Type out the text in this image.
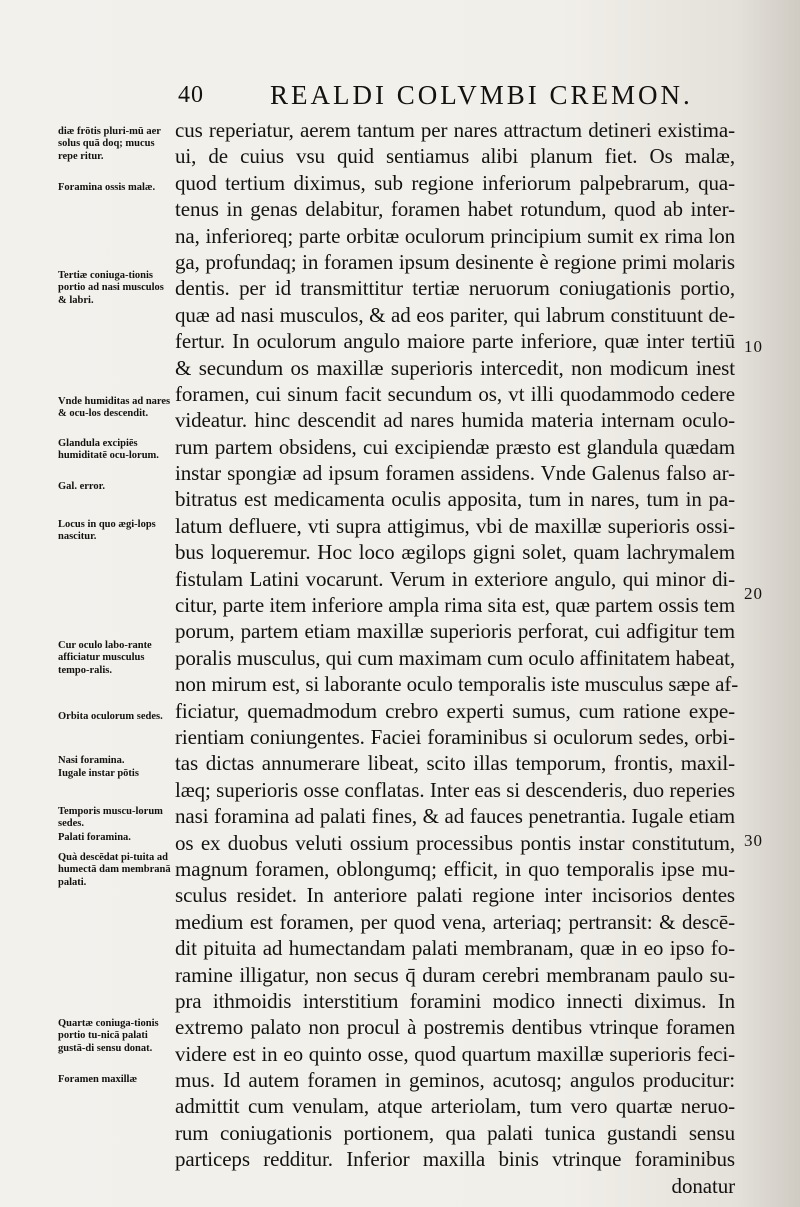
40 REALDI COLVMBI CREMON.
diæ frōtis pluri-mū aer solus quā doq; mucus repe ritur.
Foramina ossis malæ.
Tertiæ coniuga-tionis portio ad nasi musculos & labri.
Vnde humiditas ad nares & ocu-los descendit.
Glandula excipiēs humiditatē ocu-lorum.
Gal. error.
Locus in quo ægi-lops nascitur.
Cur oculo labo-rante afficiatur musculus tempo-ralis.
Orbita oculorum sedes.
Nasi foramina.
Iugale instar pōtis
Temporis muscu-lorum sedes.
Palati foramina.
Quà descēdat pi-tuita ad humectā dam membranā palati.
Quartæ coniuga-tionis portio tu-nicā palati gustā-di sensu donat.
Foramen maxillæ
cus reperiatur, aerem tantum per nares attractum detineri existima-
ui, de cuius vsu quid sentiamus alibi planum fiet. Os malæ,
quod tertium diximus, sub regione inferiorum palpebrarum, qua-
tenus in genas delabitur, foramen habet rotundum, quod ab inter-
na, inferioreq; parte orbitæ oculorum principium sumit ex rima lon
ga, profundaq; in foramen ipsum desinente è regione primi molaris
dentis. per id transmittitur tertiæ neruorum coniugationis portio,
quæ ad nasi musculos, & ad eos pariter, qui labrum constituunt de-
fertur. In oculorum angulo maiore parte inferiore, quæ inter tertiū
& secundum os maxillæ superioris intercedit, non modicum inest
foramen, cui sinum facit secundum os, vt illi quodammodo cedere
videatur. hinc descendit ad nares humida materia internam oculo-
rum partem obsidens, cui excipiendæ præsto est glandula quædam
instar spongiæ ad ipsum foramen assidens. Vnde Galenus falso ar-
bitratus est medicamenta oculis apposita, tum in nares, tum in pa-
latum defluere, vti supra attigimus, vbi de maxillæ superioris ossi-
bus loqueremur. Hoc loco ægilops gigni solet, quam lachrymalem
fistulam Latini vocarunt. Verum in exteriore angulo, qui minor di-
citur, parte item inferiore ampla rima sita est, quæ partem ossis tem
porum, partem etiam maxillæ superioris perforat, cui adfigitur tem
poralis musculus, qui cum maximam cum oculo affinitatem habeat,
non mirum est, si laborante oculo temporalis iste musculus sæpe af-
ficiatur, quemadmodum crebro experti sumus, cum ratione expe-
rientiam coniungentes. Faciei foraminibus si oculorum sedes, orbi-
tas dictas annumerare libeat, scito illas temporum, frontis, maxil-
læq; superioris osse conflatas. Inter eas si descenderis, duo reperies
nasi foramina ad palati fines, & ad fauces penetrantia. Iugale etiam
os ex duobus veluti ossium processibus pontis instar constitutum,
magnum foramen, oblongumq; efficit, in quo temporalis ipse mu-
sculus residet. In anteriore palati regione inter incisorios dentes
medium est foramen, per quod vena, arteriaq; pertransit: & descē-
dit pituita ad humectandam palati membranam, quæ in eo ipso fo-
ramine illigatur, non secus q̄ duram cerebri membranam paulo su-
pra ithmoidis interstitium foramini modico innecti diximus. In
extremo palato non procul à postremis dentibus vtrinque foramen
videre est in eo quinto osse, quod quartum maxillæ superioris feci-
mus. Id autem foramen in geminos, acutosq; angulos producitur:
admittit cum venulam, atque arteriolam, tum vero quartæ neruo-
rum coniugationis portionem, qua palati tunica gustandi sensu
particeps redditur. Inferior maxilla binis vtrinque foraminibus
donatur
10
20
30
